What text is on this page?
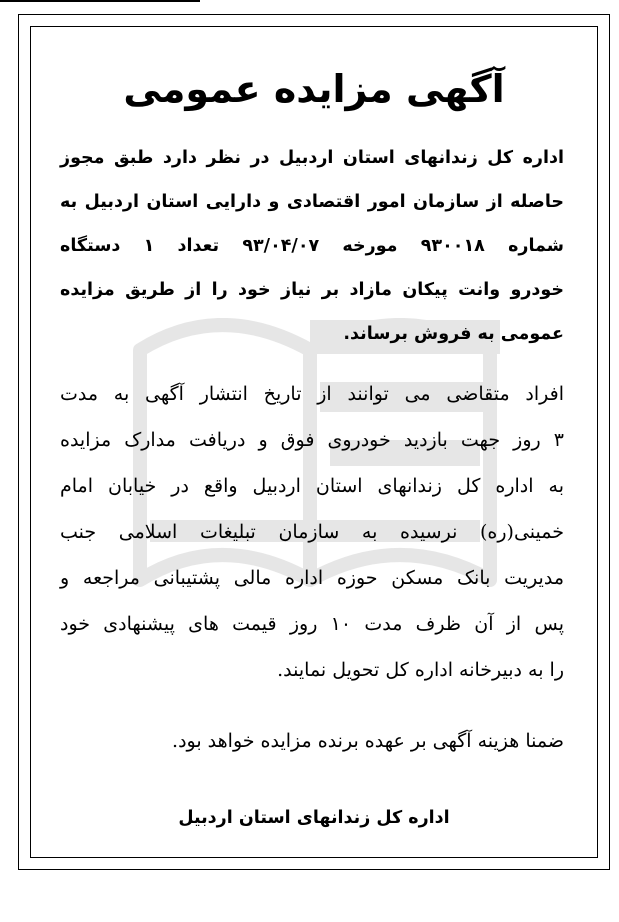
آگهی مزایده عمومی
اداره کل زندانهای استان اردبیل در نظر دارد طبق مجوز
حاصله از سازمان امور اقتصادی و دارایی استان اردبیل به
شماره ۹۳۰۰۱۸ مورخه ۹۳/۰۴/۰۷ تعداد ۱ دستگاه
خودرو وانت پیکان مازاد بر نیاز خود را از طریق مزایده
عمومی به فروش برساند.
افراد متقاضی می توانند از تاریخ انتشار آگهی به مدت
۳ روز جهت بازدید خودروی فوق و دریافت مدارک مزایده
به اداره کل زندانهای استان اردبیل واقع در خیابان امام
خمینی(ره) نرسیده به سازمان تبلیغات اسلامی جنب
مدیریت بانک مسکن حوزه اداره مالی پشتیبانی مراجعه و
پس از آن ظرف مدت ۱۰ روز قیمت های پیشنهادی خود
را به دبیرخانه اداره کل تحویل نمایند.
ضمنا هزینه آگهی بر عهده برنده مزایده خواهد بود.
اداره کل زندانهای استان اردبیل
